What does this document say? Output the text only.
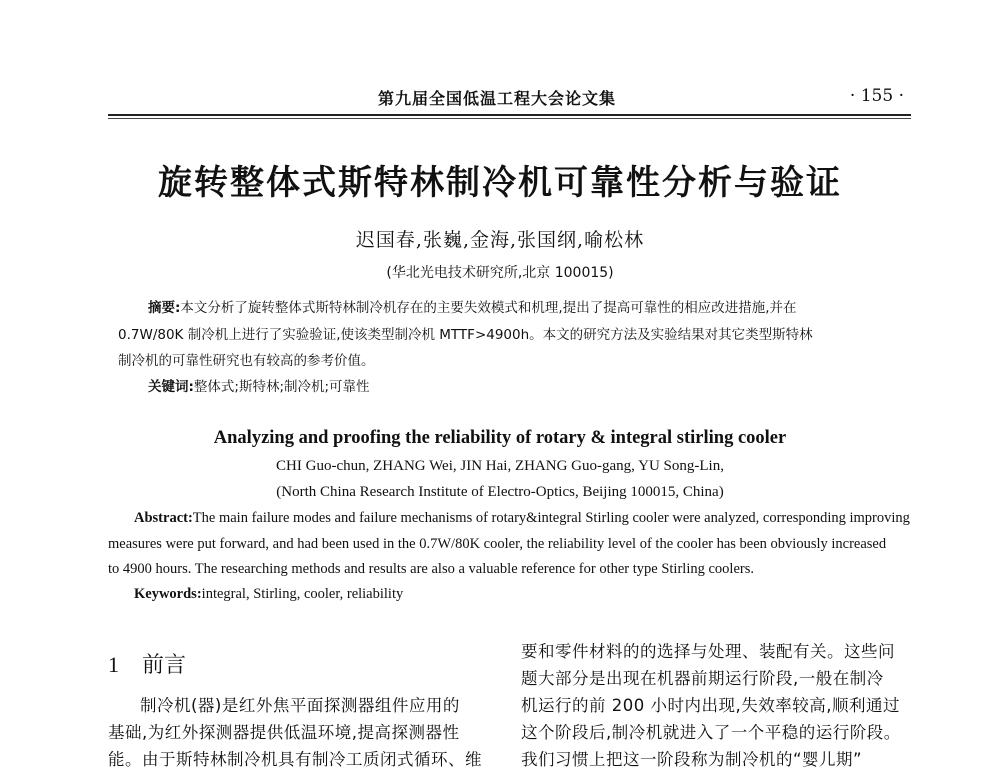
第九届全国低温工程大会论文集	· 155 ·
旋转整体式斯特林制冷机可靠性分析与验证
迟国春,张巍,金海,张国纲,喻松林
(华北光电技术研究所,北京 100015)
摘要:本文分析了旋转整体式斯特林制冷机存在的主要失效模式和机理,提出了提高可靠性的相应改进措施,并在
0.7W/80K 制冷机上进行了实验验证,使该类型制冷机 MTTF>4900h。本文的研究方法及实验结果对其它类型斯特林
制冷机的可靠性研究也有较高的参考价值。
关键词:整体式;斯特林;制冷机;可靠性
Analyzing and proofing the reliability of rotary & integral stirling cooler
CHI Guo-chun, ZHANG Wei, JIN Hai, ZHANG Guo-gang, YU Song-Lin,
(North China Research Institute of Electro-Optics, Beijing 100015, China)
Abstract:The main failure modes and failure mechanisms of rotary&integral Stirling cooler were analyzed, corresponding improving
measures were put forward, and had been used in the 0.7W/80K cooler, the reliability level of the cooler has been obviously increased
to 4900 hours. The researching methods and results are also a valuable reference for other type Stirling coolers.
Keywords:integral, Stirling, cooler, reliability
1 前言
制冷机(器)是红外焦平面探测器组件应用的
基础,为红外探测器提供低温环境,提高探测器性
能。由于斯特林制冷机具有制冷工质闭式循环、维
要和零件材料的的选择与处理、装配有关。这些问
题大部分是出现在机器前期运行阶段,一般在制冷
机运行的前 200 小时内出现,失效率较高,顺利通过
这个阶段后,制冷机就进入了一个平稳的运行阶段。
我们习惯上把这一阶段称为制冷机的“婴儿期”
